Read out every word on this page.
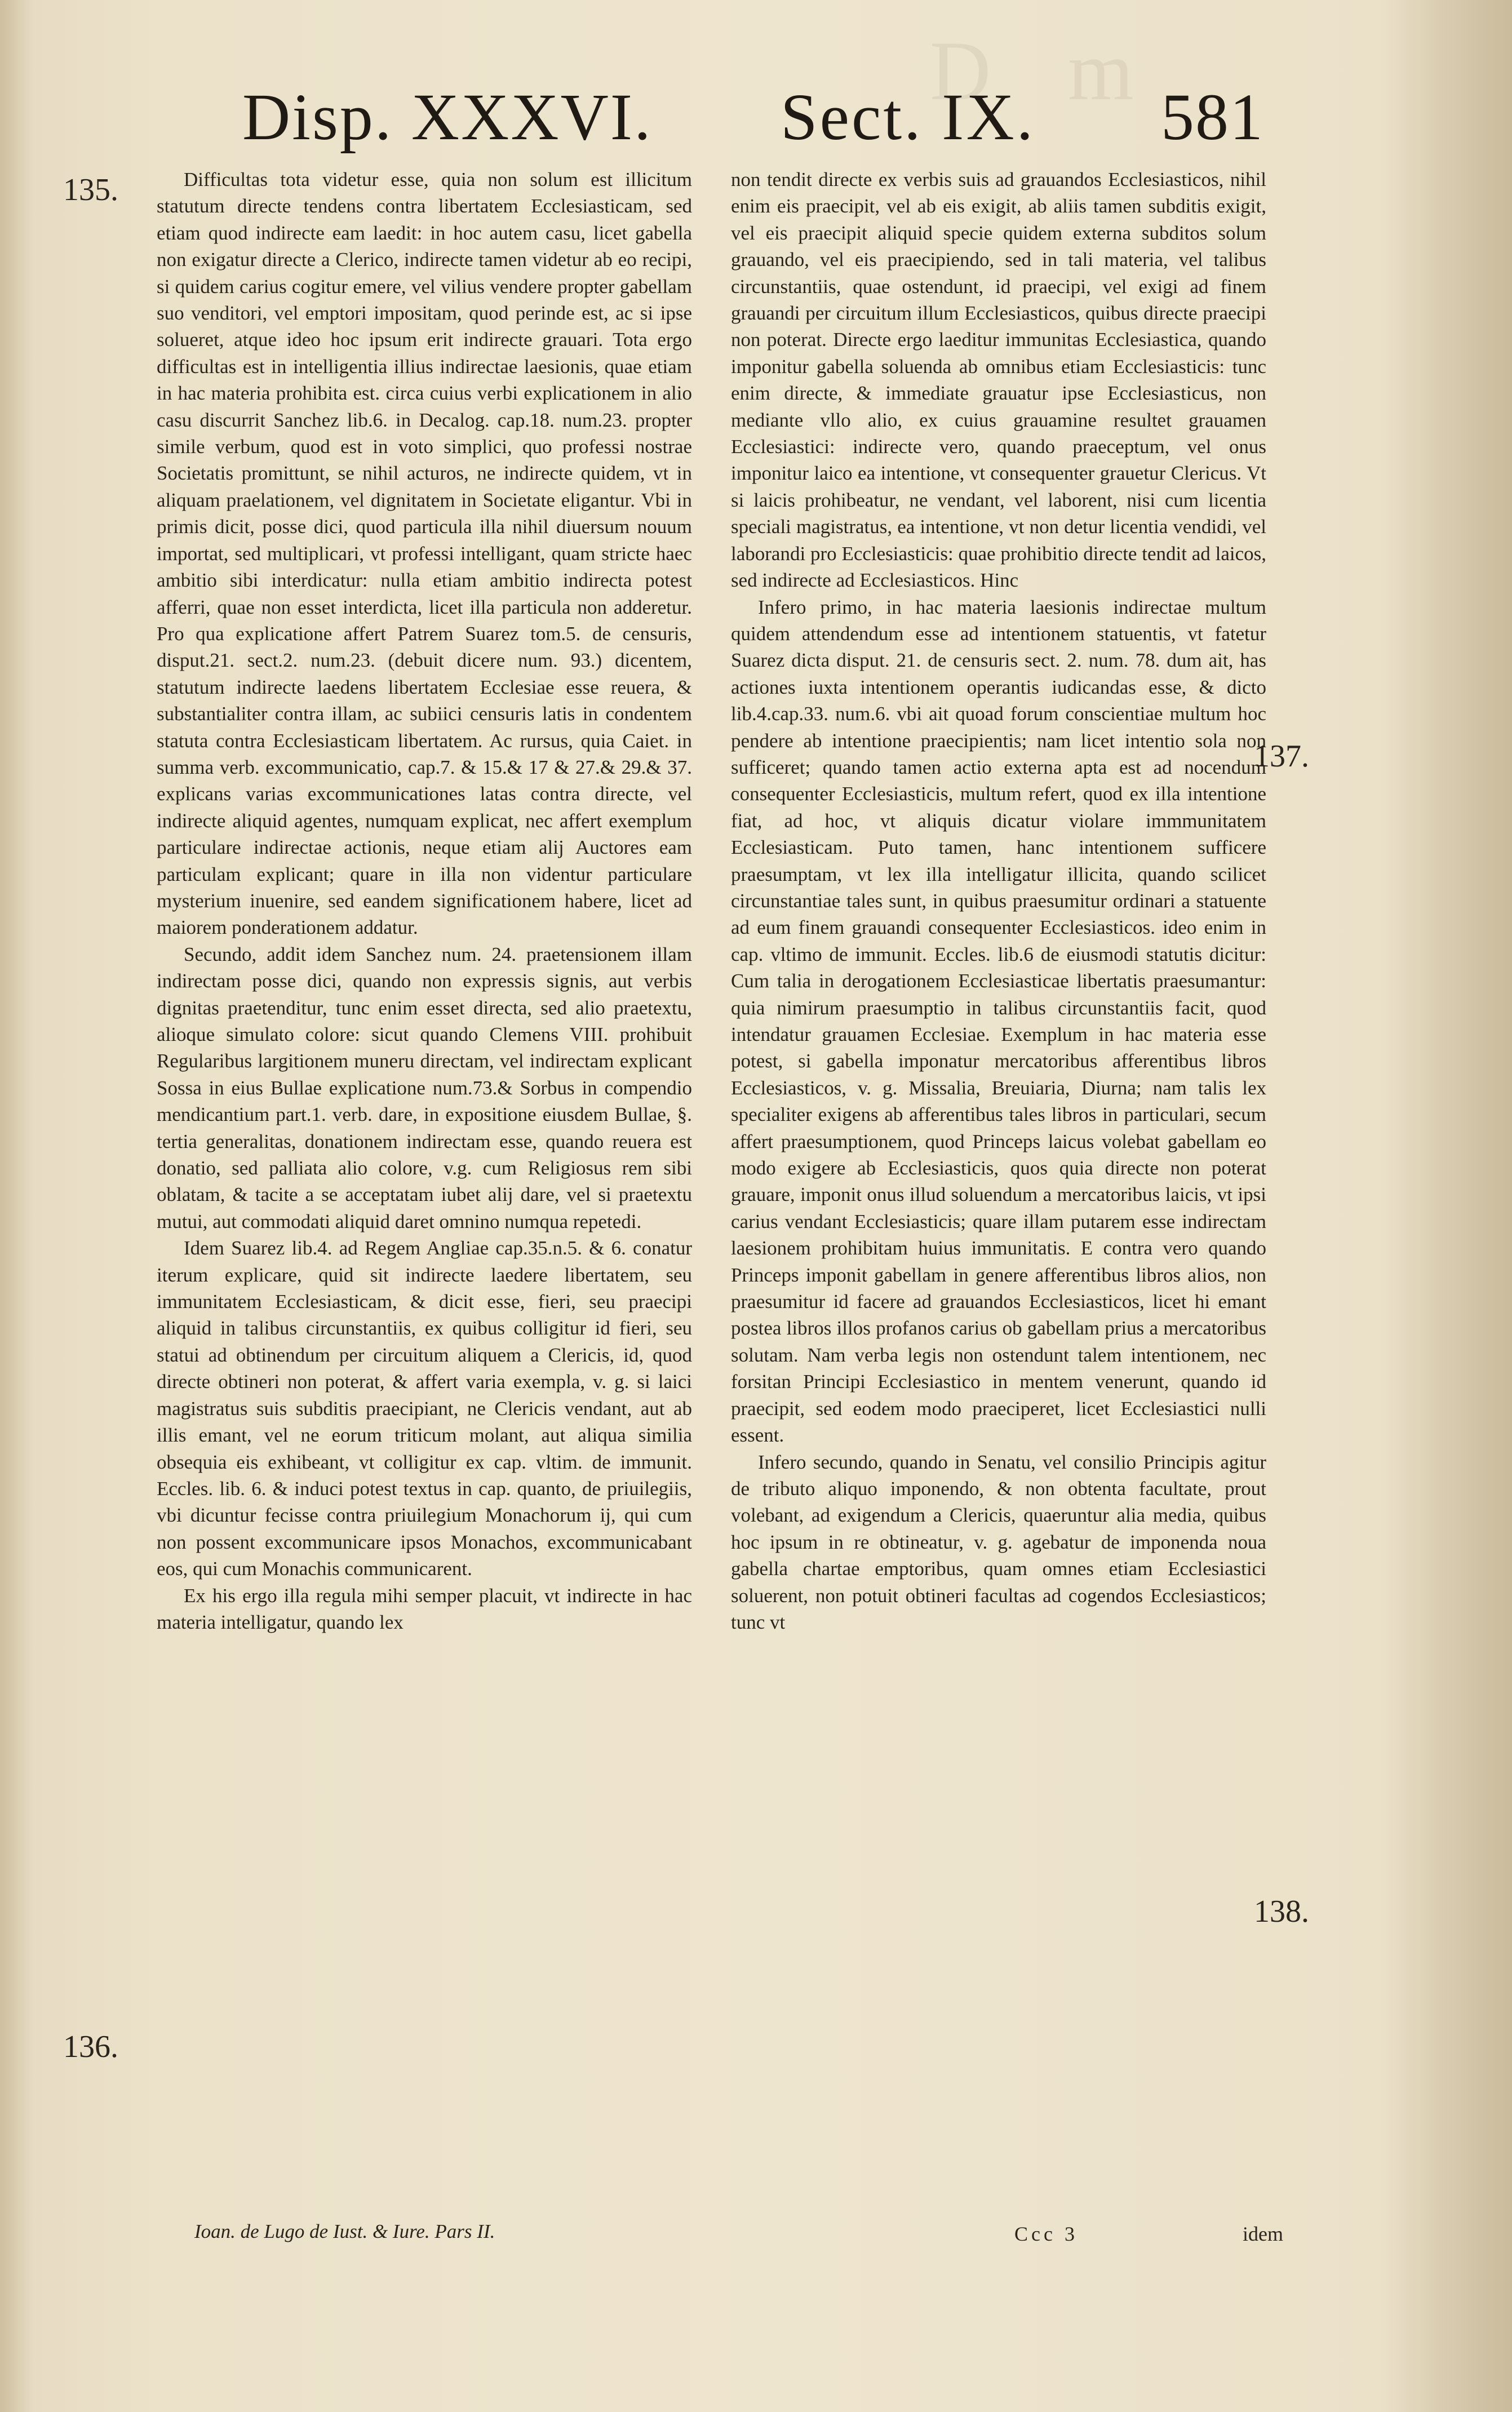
D   m
Disp. XXXVI. Sect. IX. 581
135.
136.
137.
138.

Difficultas tota videtur esse, quia non solum est illicitum statutum directe tendens contra libertatem Ecclesiasticam, sed etiam quod indirecte eam laedit: in hoc autem casu, licet gabella non exigatur directe a Clerico, indirecte tamen videtur ab eo recipi, si quidem carius cogitur emere, vel vilius vendere propter gabellam suo venditori, vel emptori impositam, quod perinde est, ac si ipse solueret, atque ideo hoc ipsum erit indirecte grauari. Tota ergo difficultas est in intelligentia illius indirectae laesionis, quae etiam in hac materia prohibita est. circa cuius verbi explicationem in alio casu discurrit Sanchez lib.6. in Decalog. cap.18. num.23. propter simile verbum, quod est in voto simplici, quo professi nostrae Societatis promittunt, se nihil acturos, ne indirecte quidem, vt in aliquam praelationem, vel dignitatem in Societate eligantur. Vbi in primis dicit, posse dici, quod particula illa nihil diuersum nouum importat, sed multiplicari, vt professi intelligant, quam stricte haec ambitio sibi interdicatur: nulla etiam ambitio indirecta potest afferri, quae non esset interdicta, licet illa particula non adderetur. Pro qua explicatione affert Patrem Suarez tom.5. de censuris, disput.21. sect.2. num.23. (debuit dicere num. 93.) dicentem, statutum indirecte laedens libertatem Ecclesiae esse reuera, & substantialiter contra illam, ac subiici censuris latis in condentem statuta contra Ecclesiasticam libertatem. Ac rursus, quia Caiet. in summa verb. excommunicatio, cap.7. & 15.& 17 & 27.& 29.& 37. explicans varias excommunicationes latas contra directe, vel indirecte aliquid agentes, numquam explicat, nec affert exemplum particulare indirectae actionis, neque etiam alij Auctores eam particulam explicant; quare in illa non videntur particulare mysterium inuenire, sed eandem significationem habere, licet ad maiorem ponderationem addatur.

Secundo, addit idem Sanchez num. 24. praetensionem illam indirectam posse dici, quando non expressis signis, aut verbis dignitas praetenditur, tunc enim esset directa, sed alio praetextu, alioque simulato colore: sicut quando Clemens VIII. prohibuit Regularibus largitionem muneru directam, vel indirectam explicant Sossa in eius Bullae explicatione num.73.& Sorbus in compendio mendicantium part.1. verb. dare, in expositione eiusdem Bullae, §. tertia generalitas, donationem indirectam esse, quando reuera est donatio, sed palliata alio colore, v.g. cum Religiosus rem sibi oblatam, & tacite a se acceptatam iubet alij dare, vel si praetextu mutui, aut commodati aliquid daret omnino numqua repetedi.

Idem Suarez lib.4. ad Regem Angliae cap.35.n.5. & 6. conatur iterum explicare, quid sit indirecte laedere libertatem, seu immunitatem Ecclesiasticam, & dicit esse, fieri, seu praecipi aliquid in talibus circunstantiis, ex quibus colligitur id fieri, seu statui ad obtinendum per circuitum aliquem a Clericis, id, quod directe obtineri non poterat, & affert varia exempla, v. g. si laici magistratus suis subditis praecipiant, ne Clericis vendant, aut ab illis emant, vel ne eorum triticum molant, aut aliqua similia obsequia eis exhibeant, vt colligitur ex cap. vltim. de immunit. Eccles. lib. 6. & induci potest textus in cap. quanto, de priuilegiis, vbi dicuntur fecisse contra priuilegium Monachorum ij, qui cum non possent excommunicare ipsos Monachos, excommunicabant eos, qui cum Monachis communicarent.

Ex his ergo illa regula mihi semper placuit, vt indirecte in hac materia intelligatur, quando lex

non tendit directe ex verbis suis ad grauandos Ecclesiasticos, nihil enim eis praecipit, vel ab eis exigit, ab aliis tamen subditis exigit, vel eis praecipit aliquid specie quidem externa subditos solum grauando, vel eis praecipiendo, sed in tali materia, vel talibus circunstantiis, quae ostendunt, id praecipi, vel exigi ad finem grauandi per circuitum illum Ecclesiasticos, quibus directe praecipi non poterat. Directe ergo laeditur immunitas Ecclesiastica, quando imponitur gabella soluenda ab omnibus etiam Ecclesiasticis: tunc enim directe, & immediate grauatur ipse Ecclesiasticus, non mediante vllo alio, ex cuius grauamine resultet grauamen Ecclesiastici: indirecte vero, quando praeceptum, vel onus imponitur laico ea intentione, vt consequenter grauetur Clericus. Vt si laicis prohibeatur, ne vendant, vel laborent, nisi cum licentia speciali magistratus, ea intentione, vt non detur licentia vendidi, vel laborandi pro Ecclesiasticis: quae prohibitio directe tendit ad laicos, sed indirecte ad Ecclesiasticos. Hinc

Infero primo, in hac materia laesionis indirectae multum quidem attendendum esse ad intentionem statuentis, vt fatetur Suarez dicta disput. 21. de censuris sect. 2. num. 78. dum ait, has actiones iuxta intentionem operantis iudicandas esse, & dicto lib.4.cap.33. num.6. vbi ait quoad forum conscientiae multum hoc pendere ab intentione praecipientis; nam licet intentio sola non sufficeret; quando tamen actio externa apta est ad nocendum consequenter Ecclesiasticis, multum refert, quod ex illa intentione fiat, ad hoc, vt aliquis dicatur violare immmunitatem Ecclesiasticam. Puto tamen, hanc intentionem sufficere praesumptam, vt lex illa intelligatur illicita, quando scilicet circunstantiae tales sunt, in quibus praesumitur ordinari a statuente ad eum finem grauandi consequenter Ecclesiasticos. ideo enim in cap. vltimo de immunit. Eccles. lib.6 de eiusmodi statutis dicitur: Cum talia in derogationem Ecclesiasticae libertatis praesumantur: quia nimirum praesumptio in talibus circunstantiis facit, quod intendatur grauamen Ecclesiae. Exemplum in hac materia esse potest, si gabella imponatur mercatoribus afferentibus libros Ecclesiasticos, v. g. Missalia, Breuiaria, Diurna; nam talis lex specialiter exigens ab afferentibus tales libros in particulari, secum affert praesumptionem, quod Princeps laicus volebat gabellam eo modo exigere ab Ecclesiasticis, quos quia directe non poterat grauare, imponit onus illud soluendum a mercatoribus laicis, vt ipsi carius vendant Ecclesiasticis; quare illam putarem esse indirectam laesionem prohibitam huius immunitatis. E contra vero quando Princeps imponit gabellam in genere afferentibus libros alios, non praesumitur id facere ad grauandos Ecclesiasticos, licet hi emant postea libros illos profanos carius ob gabellam prius a mercatoribus solutam. Nam verba legis non ostendunt talem intentionem, nec forsitan Principi Ecclesiastico in mentem venerunt, quando id praecipit, sed eodem modo praeciperet, licet Ecclesiastici nulli essent.

Infero secundo, quando in Senatu, vel consilio Principis agitur de tributo aliquo imponendo, & non obtenta facultate, prout volebant, ad exigendum a Clericis, quaeruntur alia media, quibus hoc ipsum in re obtineatur, v. g. agebatur de imponenda noua gabella chartae emptoribus, quam omnes etiam Ecclesiastici soluerent, non potuit obtineri facultas ad cogendos Ecclesiasticos; tunc vt

Ioan. de Lugo de Iust. & Iure. Pars II.	Ccc 3	idem
